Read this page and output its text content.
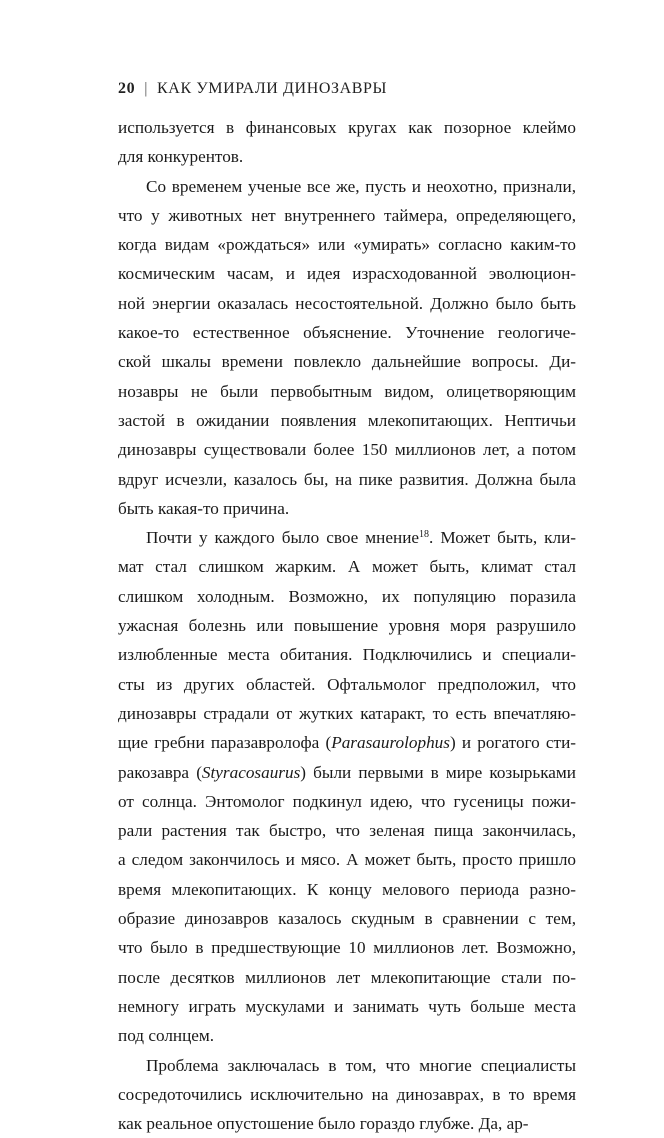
20 | КАК УМИРАЛИ ДИНОЗАВРЫ
используется в финансовых кругах как позорное клеймо
для конкурентов.
Со временем ученые все же, пусть и неохотно, признали,
что у животных нет внутреннего таймера, определяющего,
когда видам «рождаться» или «умирать» согласно каким-то
космическим часам, и идея израсходованной эволюцион-
ной энергии оказалась несостоятельной. Должно было быть
какое-то естественное объяснение. Уточнение геологиче-
ской шкалы времени повлекло дальнейшие вопросы. Ди-
нозавры не были первобытным видом, олицетворяющим
застой в ожидании появления млекопитающих. Нептичьи
динозавры существовали более 150 миллионов лет, а потом
вдруг исчезли, казалось бы, на пике развития. Должна была
быть какая-то причина.
Почти у каждого было свое мнение$^{18}$. Может быть, кли-
мат стал слишком жарким. А может быть, климат стал
слишком холодным. Возможно, их популяцию поразила
ужасная болезнь или повышение уровня моря разрушило
излюбленные места обитания. Подключились и специали-
сты из других областей. Офтальмолог предположил, что
динозавры страдали от жутких катаракт, то есть впечатляю-
щие гребни паразавролофа (Parasaurolophus) и рогатого сти-
ракозавра (Styracosaurus) были первыми в мире козырьками
от солнца. Энтомолог подкинул идею, что гусеницы пожи-
рали растения так быстро, что зеленая пища закончилась,
а следом закончилось и мясо. А может быть, просто пришло
время млекопитающих. К концу мелового периода разно-
образие динозавров казалось скудным в сравнении с тем,
что было в предшествующие 10 миллионов лет. Возможно,
после десятков миллионов лет млекопитающие стали по-
немногу играть мускулами и занимать чуть больше места
под солнцем.
Проблема заключалась в том, что многие специалисты
сосредоточились исключительно на динозаврах, в то время
как реальное опустошение было гораздо глубже. Да, ар-
